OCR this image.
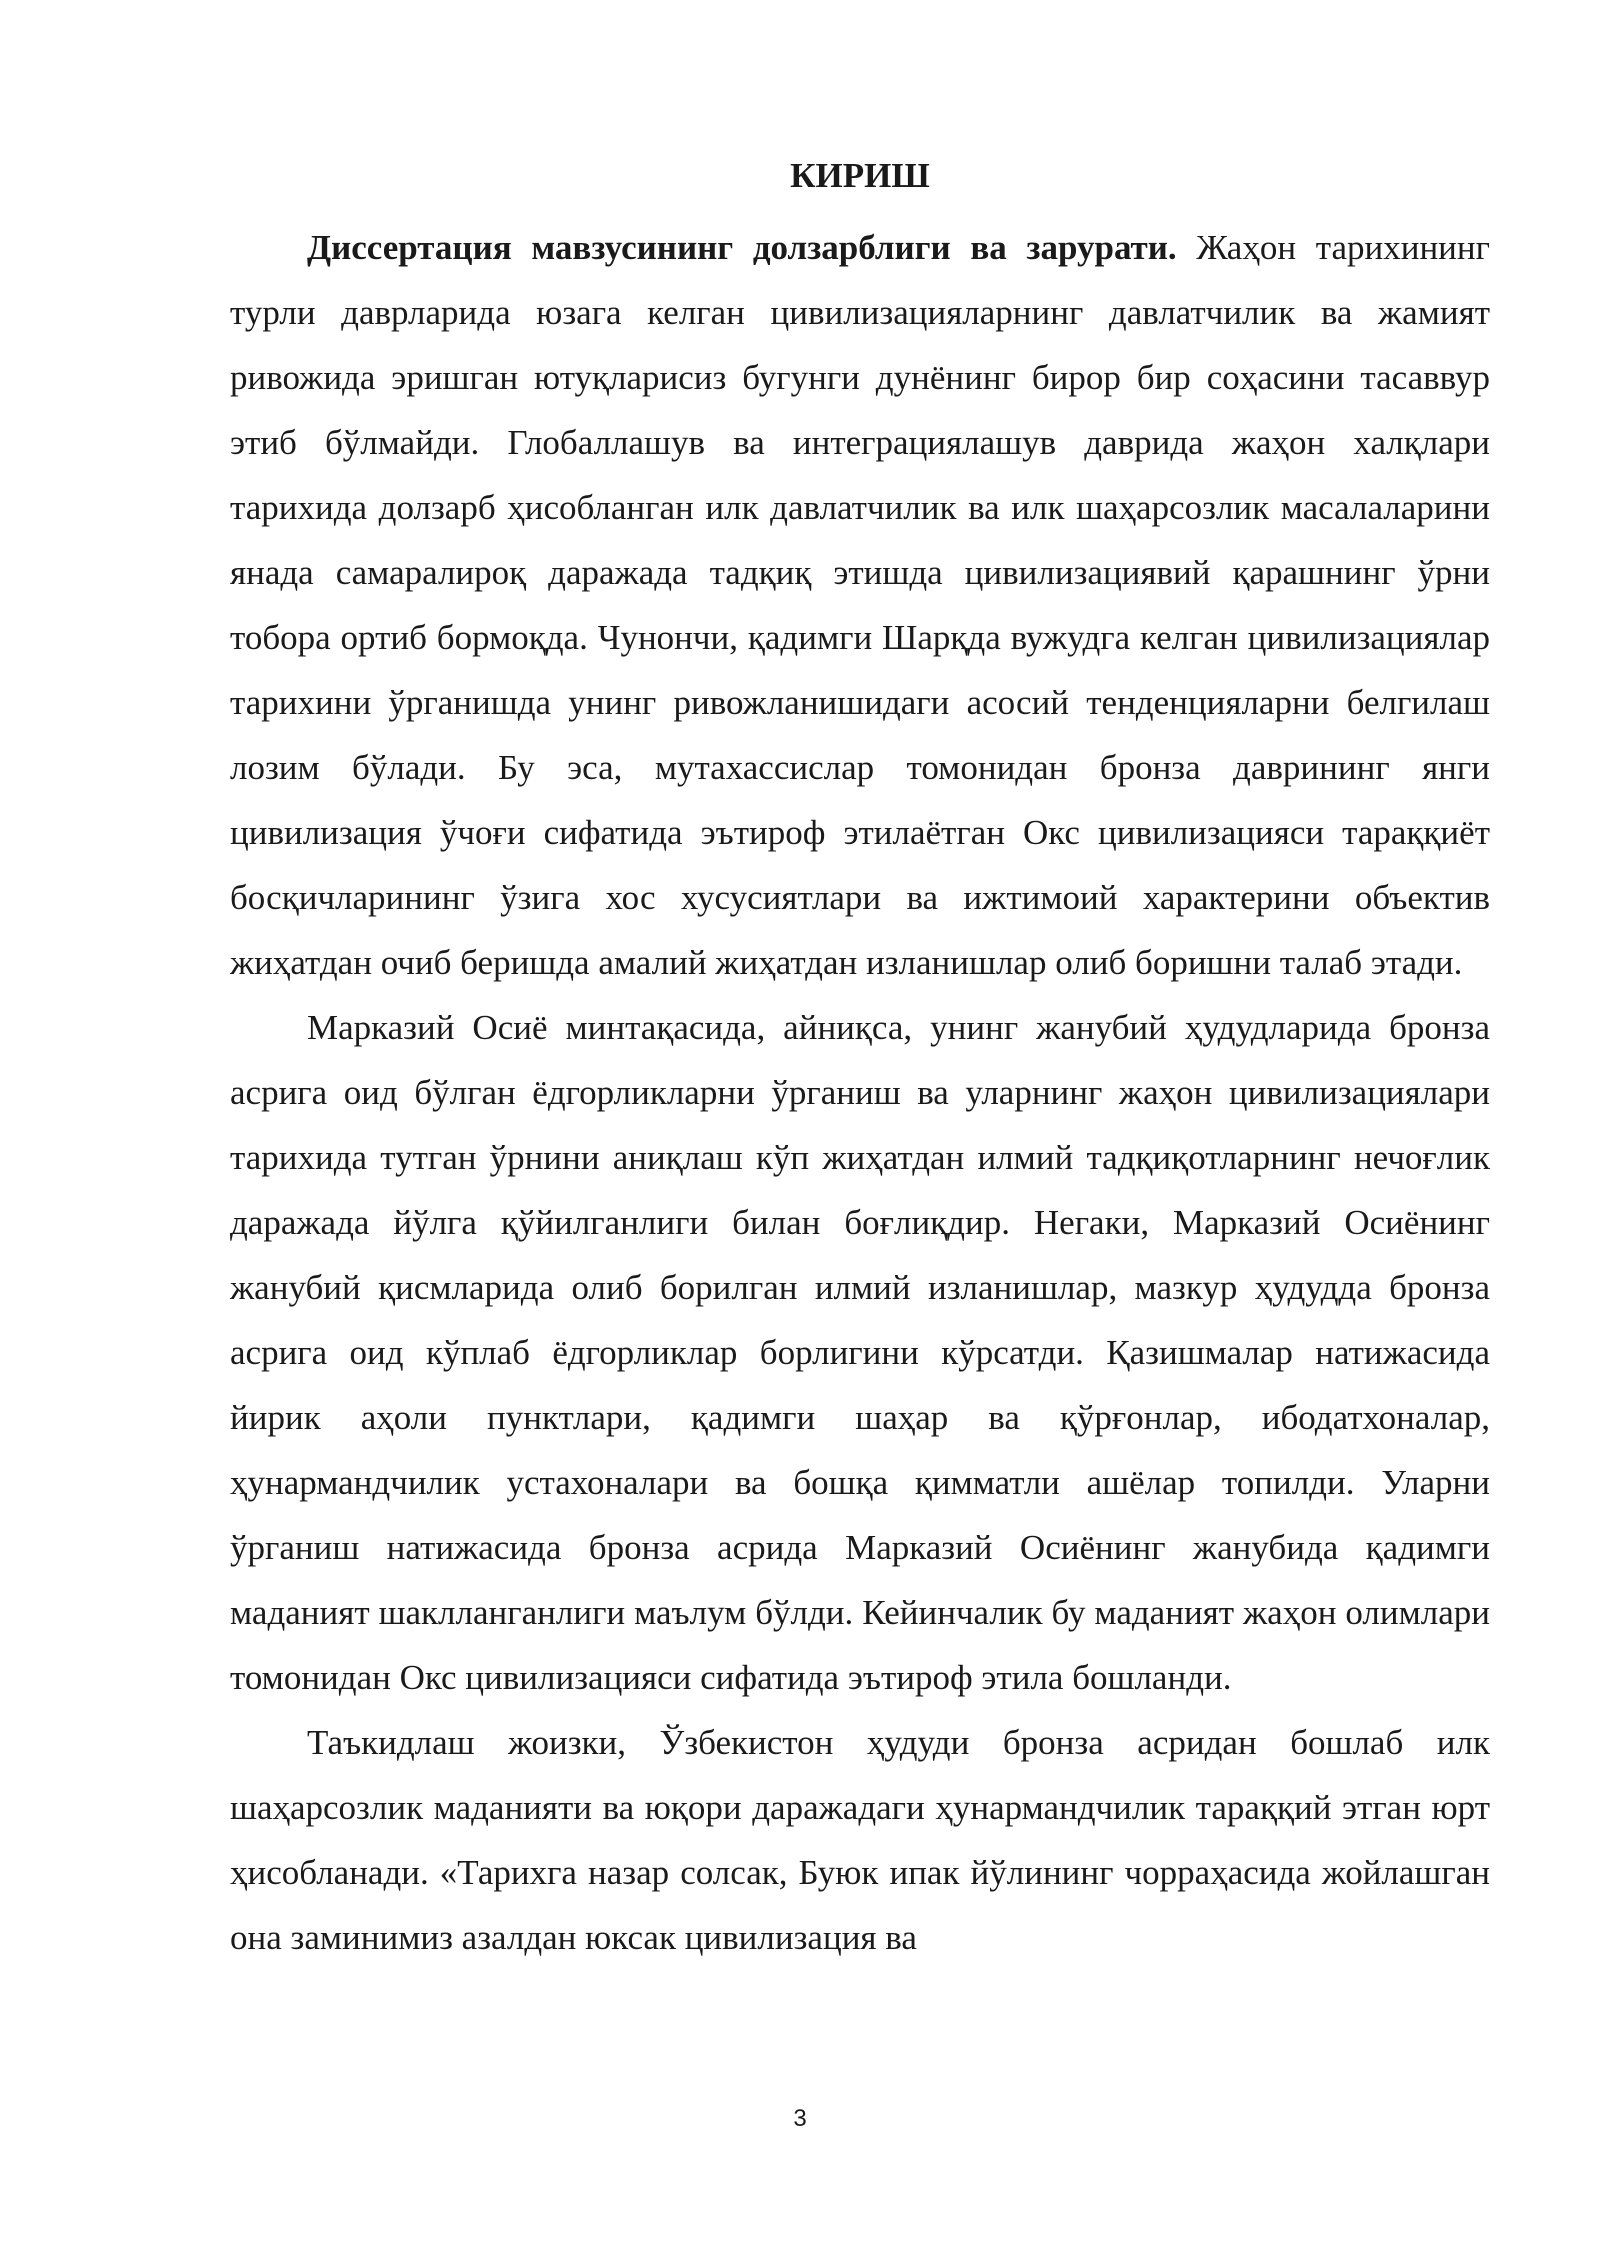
КИРИШ

Диссертация мавзусининг долзарблиги ва зарурати. Жаҳон тарихининг турли даврларида юзага келган цивилизацияларнинг давлатчилик ва жамият ривожида эришган ютуқларисиз бугунги дунёнинг бирор бир соҳасини тасаввур этиб бўлмайди. Глобаллашув ва интеграциялашув даврида жаҳон халқлари тарихида долзарб ҳисобланган илк давлатчилик ва илк шаҳарсозлик масалаларини янада самаралироқ даражада тадқиқ этишда цивилизациявий қарашнинг ўрни тобора ортиб бормоқда. Чунончи, қадимги Шарқда вужудга келган цивилизациялар тарихини ўрганишда унинг ривожланишидаги асосий тенденцияларни белгилаш лозим бўлади. Бу эса, мутахассислар томонидан бронза даврининг янги цивилизация ўчоғи сифатида эътироф этилаётган Окс цивилизацияси тараққиёт босқичларининг ўзига хос хусусиятлари ва ижтимоий характерини объектив жиҳатдан очиб беришда амалий жиҳатдан изланишлар олиб боришни талаб этади.

Марказий Осиё минтақасида, айниқса, унинг жанубий ҳудудларида бронза асрига оид бўлган ёдгорликларни ўрганиш ва уларнинг жаҳон цивилизациялари тарихида тутган ўрнини аниқлаш кўп жиҳатдан илмий тадқиқотларнинг нечоғлик даражада йўлга қўйилганлиги билан боғлиқдир. Негаки, Марказий Осиёнинг жанубий қисмларида олиб борилган илмий изланишлар, мазкур ҳудудда бронза асрига оид кўплаб ёдгорликлар борлигини кўрсатди. Қазишмалар натижасида йирик аҳоли пунктлари, қадимги шаҳар ва қўрғонлар, ибодатхоналар, ҳунармандчилик устахоналари ва бошқа қимматли ашёлар топилди. Уларни ўрганиш натижасида бронза асрида Марказий Осиёнинг жанубида қадимги маданият шаклланганлиги маълум бўлди. Кейинчалик бу маданият жаҳон олимлари томонидан Окс цивилизацияси сифатида эътироф этила бошланди.

Таъкидлаш жоизки, Ўзбекистон ҳудуди бронза асридан бошлаб илк шаҳарсозлик маданияти ва юқори даражадаги ҳунармандчилик тараққий этган юрт ҳисобланади. «Тарихга назар солсак, Буюк ипак йўлининг чорраҳасида жойлашган она заминимиз азалдан юксак цивилизация ва

3
